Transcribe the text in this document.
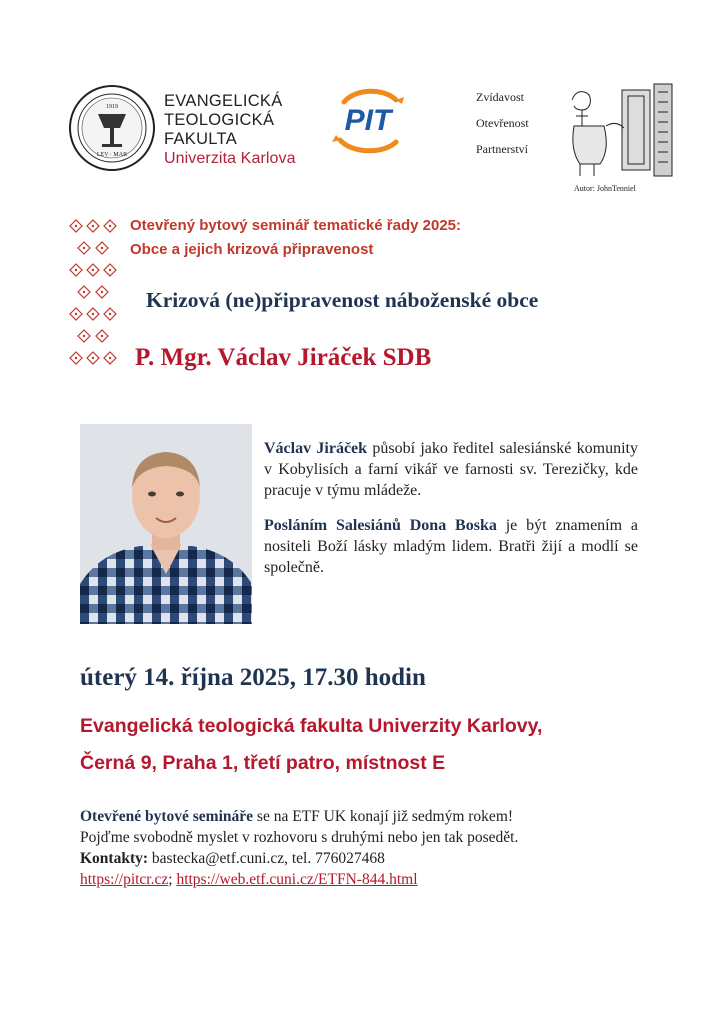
LEV · MAR
1919	EVANGELICKÁ
TEOLOGICKÁ
FAKULTA
Univerzita Karlova
PIT
Zvídavost
Otevřenost
Partnerství
Autor: JohnTenniel
Otevřený bytový seminář tematické řady 2025:
Obce a jejich krizová připravenost
Krizová (ne)připravenost náboženské obce
P. Mgr. Václav Jiráček SDB

Václav Jiráček působí jako ředitel salesiánské komunity v Kobylisích a farní vikář ve farnosti sv. Terezičky, kde pracuje v týmu mládeže.

Posláním Salesiánů Dona Boska je být znamením a nositeli Boží lásky mladým lidem. Bratři žijí a modlí se společně.

úterý 14. října 2025, 17.30 hodin
Evangelická teologická fakulta Univerzity Karlovy,
Černá 9, Praha 1, třetí patro, místnost E
Otevřené bytové semináře se na ETF UK konají již sedmým rokem!
Pojďme svobodně myslet v rozhovoru s druhými nebo jen tak posedět.
Kontakty: bastecka@etf.cuni.cz, tel. 776027468
https://pitcr.cz; https://web.etf.cuni.cz/ETFN-844.html
